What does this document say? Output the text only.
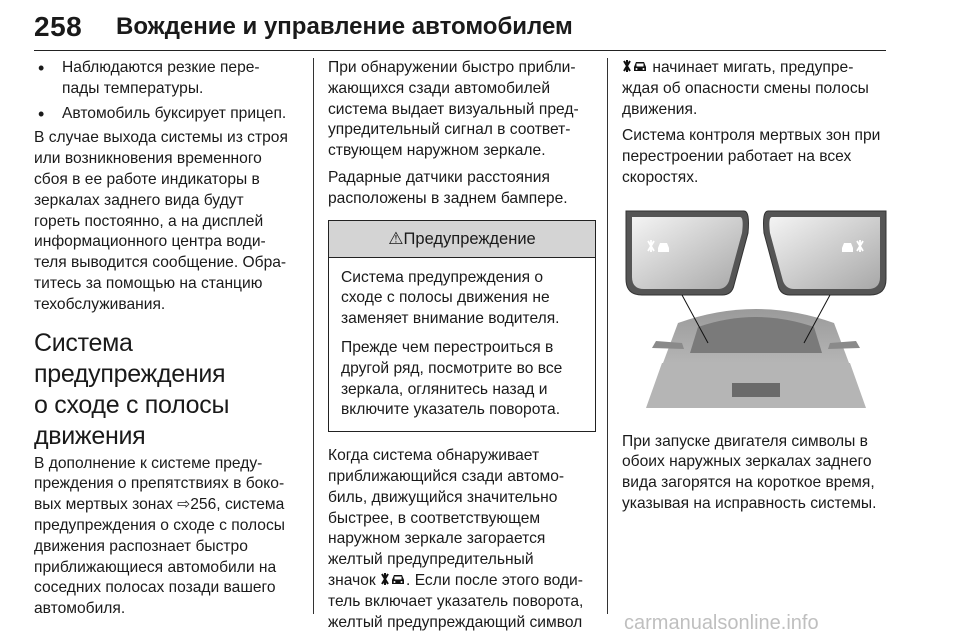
258 Вождение и управление автомобилем
• Наблюдаются резкие пере-
пады температуры.
• Автомобиль буксирует прицеп.

В случае выхода системы из строя
или возникновения временного
сбоя в ее работе индикаторы в
зеркалах заднего вида будут
гореть постоянно, а на дисплей
информационного центра води-
теля выводится сообщение. Обра-
титесь за помощью на станцию
техобслуживания.

Система предупреждения
о сходе с полосы
движения

В дополнение к системе преду-
преждения о препятствиях в боко-
вых мертвых зонах ⇨256, система
предупреждения о сходе с полосы
движения распознает быстро
приближающиеся автомобили на
соседних полосах позади вашего
автомобиля.

При обнаружении быстро прибли-
жающихся сзади автомобилей
система выдает визуальный пред-
упредительный сигнал в соответ-
ствующем наружном зеркале.

Радарные датчики расстояния
расположены в заднем бампере.

⚠Предупреждение

Система предупреждения о
сходе с полосы движения не
заменяет внимание водителя.

Прежде чем перестроиться в
другой ряд, посмотрите во все
зеркала, оглянитесь назад и
включите указатель поворота.

Когда система обнаруживает
приближающийся сзади автомо-
биль, движущийся значительно
быстрее, в соответствующем
наружном зеркале загорается
желтый предупредительный
значок . Если после этого води-
тель включает указатель поворота,
желтый предупреждающий символ

начинает мигать, предупре-
ждая об опасности смены полосы
движения.

Система контроля мертвых зон при
перестроении работает на всех
скоростях.

При запуске двигателя символы в
обоих наружных зеркалах заднего
вида загорятся на короткое время,
указывая на исправность системы.

carmanualsonline.info
